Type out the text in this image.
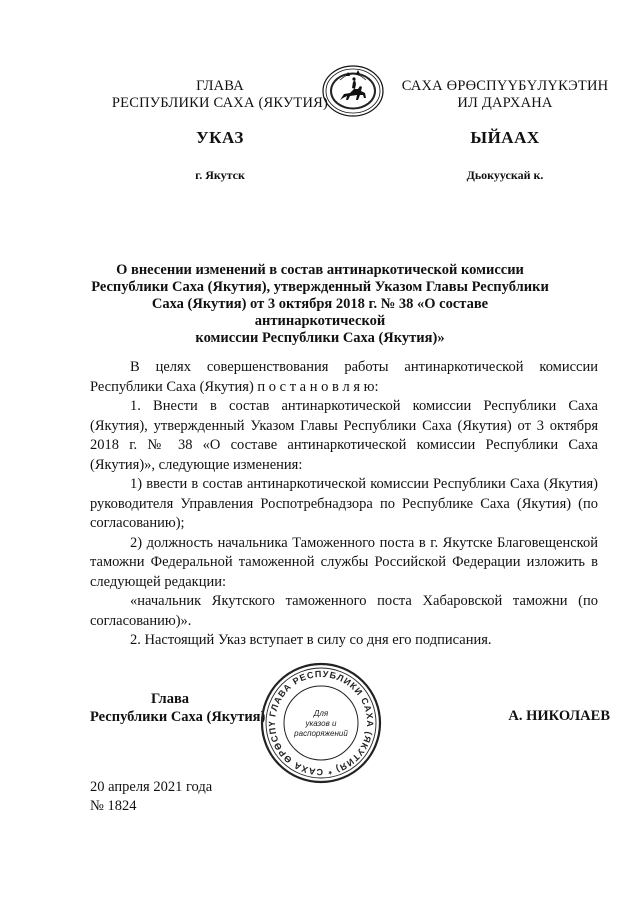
ГЛАВА
РЕСПУБЛИКИ САХА (ЯКУТИЯ)
САХА ӨРӨСПҮҮБҮЛҮКЭТИН
ИЛ ДАРХАНА
УКАЗ	ЫЙААХ
г. Якутск	Дьокуускай к.
О внесении изменений в состав антинаркотической комиссии
Республики Саха (Якутия), утвержденный Указом Главы Республики
Саха (Якутия) от 3 октября 2018 г. № 38 «О составе антинаркотической
комиссии Республики Саха (Якутия)»

В целях совершенствования работы антинаркотической комиссии Республики Саха (Якутия) п о с т а н о в л я ю:

1. Внести в состав антинаркотической комиссии Республики Саха (Якутия), утвержденный Указом Главы Республики Саха (Якутия) от 3 октября 2018 г. № 38 «О составе антинаркотической комиссии Республики Саха (Якутия)», следующие изменения:

1) ввести в состав антинаркотической комиссии Республики Саха (Якутия) руководителя Управления Роспотребнадзора по Республике Саха (Якутия) (по согласованию);

2) должность начальника Таможенного поста в г. Якутске Благовещенской таможни Федеральной таможенной службы Российской Федерации изложить в следующей редакции:

«начальник Якутского таможенного поста Хабаровской таможни (по согласованию)».

2. Настоящий Указ вступает в силу со дня его подписания.

Глава
Республики Саха (Якутия)	А. НИКОЛАЕВ
ГЛАВА РЕСПУБЛИКИ САХА (ЯКУТИЯ) * САХА ӨРӨСПҮ
Для
указов и
распоряжений
20 апреля 2021 года
№ 1824
